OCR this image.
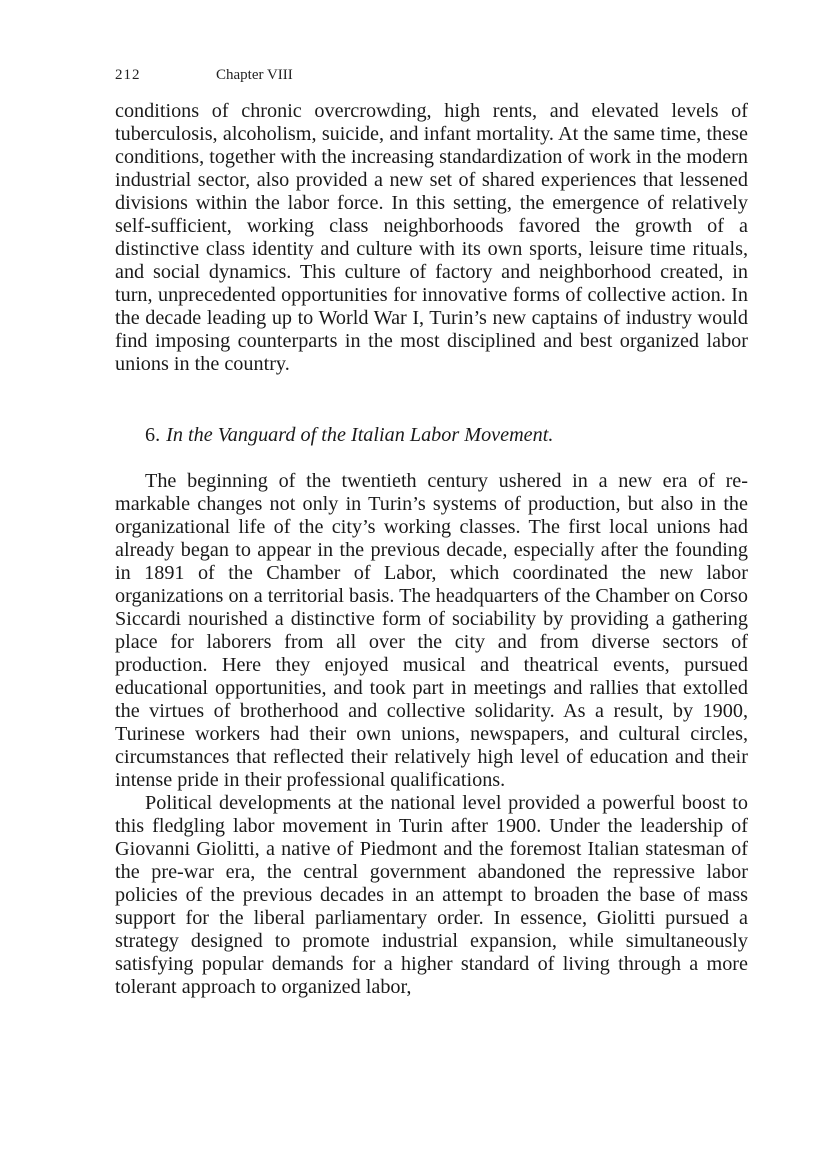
212	Chapter VIII

conditions of chronic overcrowding, high rents, and elevated levels of tuberculosis, alcoholism, suicide, and infant mortality. At the same time, these conditions, together with the increasing standardization of work in the modern industrial sector, also provided a new set of shared experiences that lessened divisions within the labor force. In this setting, the emergence of relatively self-sufficient, working class neighborhoods favored the growth of a distinctive class identity and culture with its own sports, leisure time rituals, and social dynamics. This culture of factory and neighborhood created, in turn, unprecedented opportunities for innovative forms of collective action. In the decade leading up to World War I, Turin’s new captains of industry would find imposing counterparts in the most disciplined and best organized labor unions in the country.

6. In the Vanguard of the Italian Labor Movement.

The beginning of the twentieth century ushered in a new era of remarkable changes not only in Turin’s systems of production, but also in the organizational life of the city’s working classes. The first local unions had already began to appear in the previous decade, especially after the founding in 1891 of the Chamber of Labor, which coordinated the new labor organizations on a territorial basis. The headquarters of the Chamber on Corso Siccardi nourished a distinctive form of sociability by providing a gathering place for laborers from all over the city and from diverse sectors of production. Here they enjoyed musical and theatrical events, pursued educational opportunities, and took part in meetings and rallies that extolled the virtues of brotherhood and collective solidarity. As a result, by 1900, Turinese workers had their own unions, newspapers, and cultural circles, circumstances that reflected their relatively high level of education and their intense pride in their professional qualifications.

Political developments at the national level provided a powerful boost to this fledgling labor movement in Turin after 1900. Under the leadership of Giovanni Giolitti, a native of Piedmont and the foremost Italian statesman of the pre-war era, the central government abandoned the repressive labor policies of the previous decades in an attempt to broaden the base of mass support for the liberal parliamentary order. In essence, Giolitti pursued a strategy designed to promote industrial expansion, while simultaneously satisfying popular demands for a higher standard of living through a more tolerant approach to organized labor,
